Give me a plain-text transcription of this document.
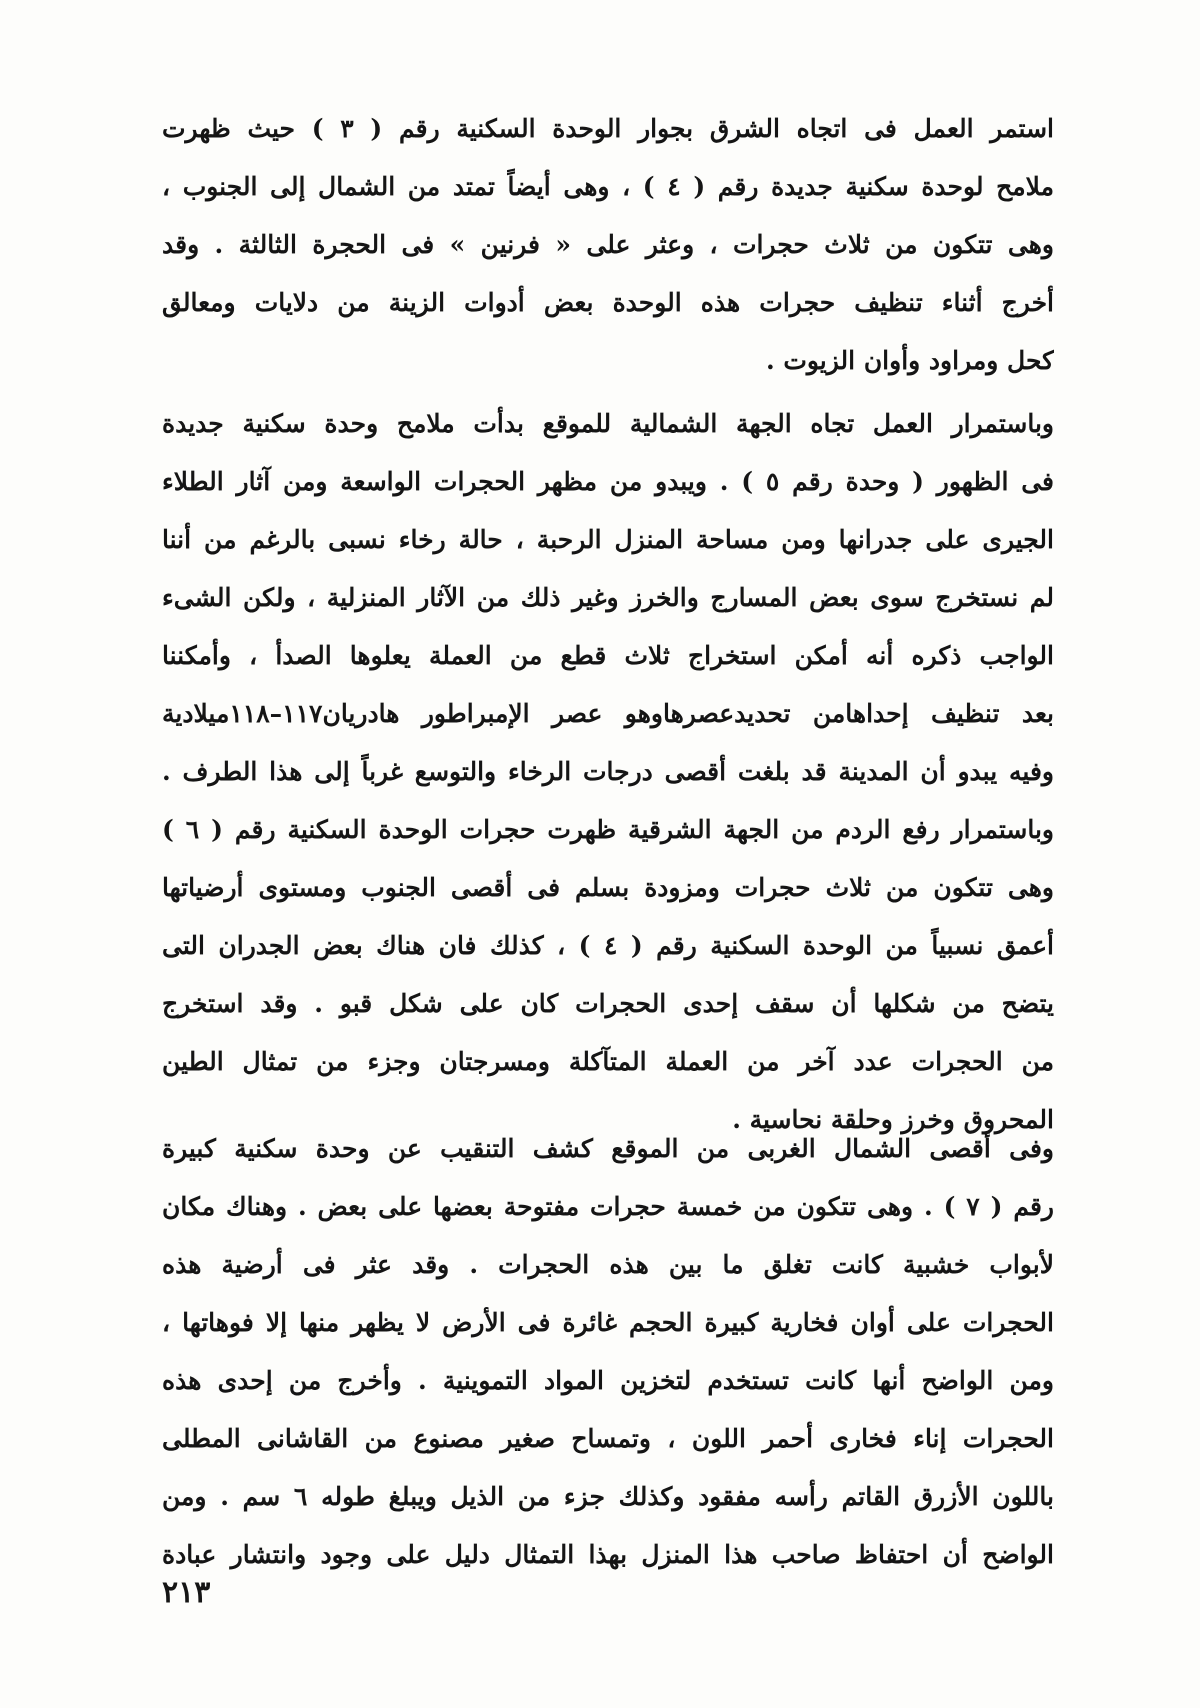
استمر العمل فى اتجاه الشرق بجوار الوحدة السكنية رقم ( ٣ ) حيث ظهرت
ملامح لوحدة سكنية جديدة رقم ( ٤ ) ، وهى أيضاً تمتد من الشمال إلى الجنوب ،
وهى تتكون من ثلاث حجرات ، وعثر على « فرنين » فى الحجرة الثالثة . وقد
أخرج أثناء تنظيف حجرات هذه الوحدة بعض أدوات الزينة من دلايات ومعالق
كحل ومراود وأوان الزيوت .
وباستمرار العمل تجاه الجهة الشمالية للموقع بدأت ملامح وحدة سكنية جديدة
فى الظهور ( وحدة رقم ٥ ) . ويبدو من مظهر الحجرات الواسعة ومن آثار الطلاء
الجيرى على جدرانها ومن مساحة المنزل الرحبة ، حالة رخاء نسبى بالرغم من أننا
لم نستخرج سوى بعض المسارج والخرز وغير ذلك من الآثار المنزلية ، ولكن الشىء
الواجب ذكره أنه أمكن استخراج ثلاث قطع من العملة يعلوها الصدأ ، وأمكننا
بعد تنظيف إحداهامن تحديدعصرهاوهو عصر الإمبراطور هادريان١١٧–١١٨ميلادية
وفيه يبدو أن المدينة قد بلغت أقصى درجات الرخاء والتوسع غرباً إلى هذا الطرف .
وباستمرار رفع الردم من الجهة الشرقية ظهرت حجرات الوحدة السكنية رقم ( ٦ )
وهى تتكون من ثلاث حجرات ومزودة بسلم فى أقصى الجنوب ومستوى أرضياتها
أعمق نسبياً من الوحدة السكنية رقم ( ٤ ) ، كذلك فان هناك بعض الجدران التى
يتضح من شكلها أن سقف إحدى الحجرات كان على شكل قبو . وقد استخرج
من الحجرات عدد آخر من العملة المتآكلة ومسرجتان وجزء من تمثال الطين
المحروق وخرز وحلقة نحاسية .
وفى أقصى الشمال الغربى من الموقع كشف التنقيب عن وحدة سكنية كبيرة
رقم ( ٧ ) . وهى تتكون من خمسة حجرات مفتوحة بعضها على بعض . وهناك مكان
لأبواب خشبية كانت تغلق ما بين هذه الحجرات . وقد عثر فى أرضية هذه
الحجرات على أوان فخارية كبيرة الحجم غائرة فى الأرض لا يظهر منها إلا فوهاتها ،
ومن الواضح أنها كانت تستخدم لتخزين المواد التموينية . وأخرج من إحدى هذه
الحجرات إناء فخارى أحمر اللون ، وتمساح صغير مصنوع من القاشانى المطلى
باللون الأزرق القاتم رأسه مفقود وكذلك جزء من الذيل ويبلغ طوله ٦ سم . ومن
الواضح أن احتفاظ صاحب هذا المنزل بهذا التمثال دليل على وجود وانتشار عبادة
٢١٣
